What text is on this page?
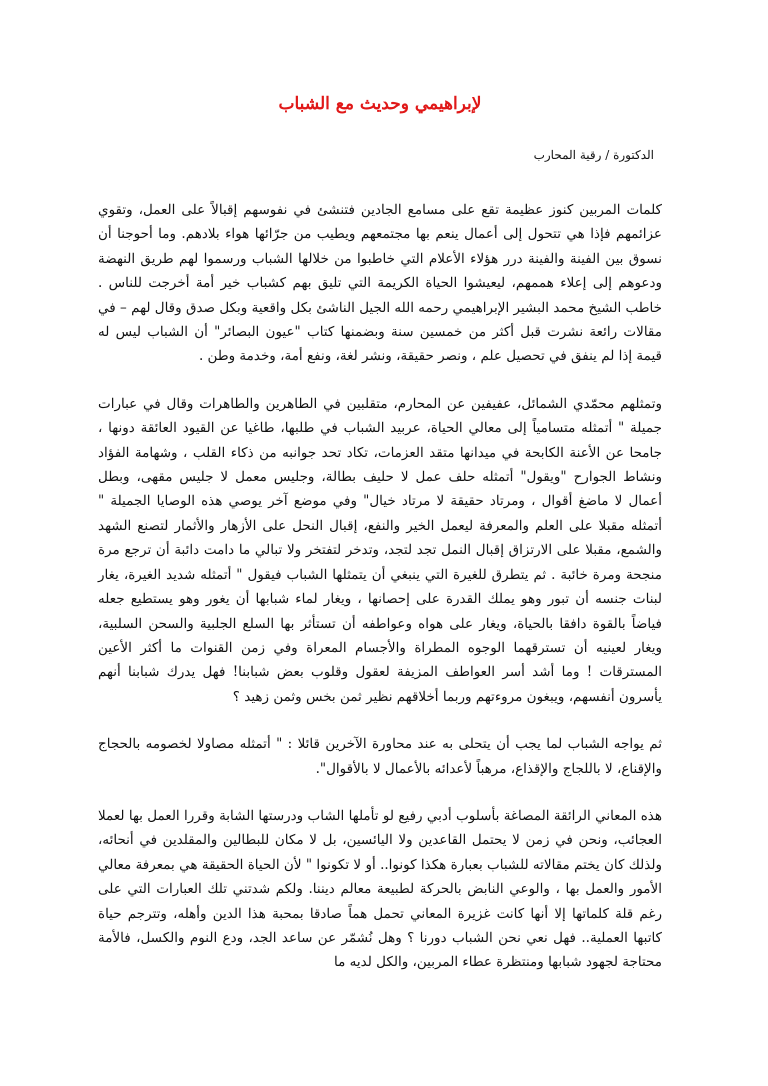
لإبراهيمي وحديث مع الشباب
الدكتورة / رقية المحارب

كلمات المربين كنوز عظيمة تقع على مسامع الجادين فتنشئ في نفوسهم إقبالاً على العمل، وتقوي عزائمهم فإذا هي تتحول إلى أعمال ينعم بها مجتمعهم ويطيب من جرّائها هواء بلادهم. وما أحوجنا أن نسوق بين الفينة والفينة درر هؤلاء الأعلام التي خاطبوا من خلالها الشباب ورسموا لهم طريق النهضة ودعوهم إلى إعلاء هممهم، ليعيشوا الحياة الكريمة التي تليق بهم كشباب خير أمة أخرجت للناس . خاطب الشيخ محمد البشير الإبراهيمي رحمه الله الجيل الناشئ بكل واقعية وبكل صدق وقال لهم – في مقالات رائعة نشرت قبل أكثر من خمسين سنة وبضمنها كتاب "عيون البصائر" أن الشباب ليس له قيمة إذا لم ينفق في تحصيل علم ، ونصر حقيقة، ونشر لغة، ونفع أمة، وخدمة وطن .

وتمثلهم محمّدي الشمائل، عفيفين عن المحارم، متقلبين في الطاهرين والطاهرات وقال في عبارات جميلة " أتمثله متسامياً إلى معالي الحياة، عربيد الشباب في طلبها، طاغيا عن القيود العائقة دونها ، جامحا عن الأعنة الكابحة في ميدانها متقد العزمات، تكاد تحد جوانبه من ذكاء القلب ، وشهامة الفؤاد ونشاط الجوارح "ويقول" أتمثله حلف عمل لا حليف بطالة، وجليس معمل لا جليس مقهى، وبطل أعمال لا ماضغ أقوال ، ومرتاد حقيقة لا مرتاد خيال" وفي موضع آخر يوصي هذه الوصايا الجميلة " أتمثله مقبلا على العلم والمعرفة ليعمل الخير والنفع، إقبال النحل على الأزهار والأثمار لتصنع الشهد والشمع، مقبلا على الارتزاق إقبال النمل تجد لتجد، وتدخر لتفتخر ولا تبالي ما دامت دائبة أن ترجع مرة منجحة ومرة خائبة . ثم يتطرق للغيرة التي ينبغي أن يتمثلها الشباب فيقول " أتمثله شديد الغيرة، يغار لبنات جنسه أن تبور وهو يملك القدرة على إحصانها ، ويغار لماء شبابها أن يغور وهو يستطيع جعله فياضاً بالقوة دافقا بالحياة، ويغار على هواه وعواطفه أن تستأثر بها السلع الجلبية والسحن السلبية، ويغار لعينيه أن تسترقهما الوجوه المطراة والأجسام المعراة وفي زمن القنوات ما أكثر الأعين المسترقات ! وما أشد أسر العواطف المزيفة لعقول وقلوب بعض شبابنا! فهل يدرك شبابنا أنهم يأسرون أنفسهم، ويبغون مروءتهم وربما أخلاقهم نظير ثمن بخس وثمن زهيد ؟

ثم يواجه الشباب لما يجب أن يتحلى به عند محاورة الآخرين قائلا : " أتمثله مصاولا لخصومه بالحجاج والإقناع، لا باللجاج والإقذاع، مرهباً لأعدائه بالأعمال لا بالأقوال".

هذه المعاني الرائقة المصاغة بأسلوب أدبي رفيع لو تأملها الشاب ودرستها الشابة وقررا العمل بها لعملا العجائب، ونحن في زمن لا يحتمل القاعدين ولا اليائسين، بل لا مكان للبطالين والمقلدين في أنحائه، ولذلك كان يختم مقالاته للشباب بعبارة هكذا كونوا.. أو لا تكونوا " لأن الحياة الحقيقة هي بمعرفة معالي الأمور والعمل بها ، والوعي النابض بالحركة لطبيعة معالم ديننا. ولكم شدتني تلك العبارات التي على رغم قلة كلماتها إلا أنها كانت غزيرة المعاني تحمل هماً صادقا بمحبة هذا الدين وأهله، وتترجم حياة كاتبها العملية.. فهل نعي نحن الشباب دورنا ؟ وهل نُشمّر عن ساعد الجد، ودع النوم والكسل، فالأمة محتاجة لجهود شبابها ومنتظرة عطاء المربين، والكل لديه ما
